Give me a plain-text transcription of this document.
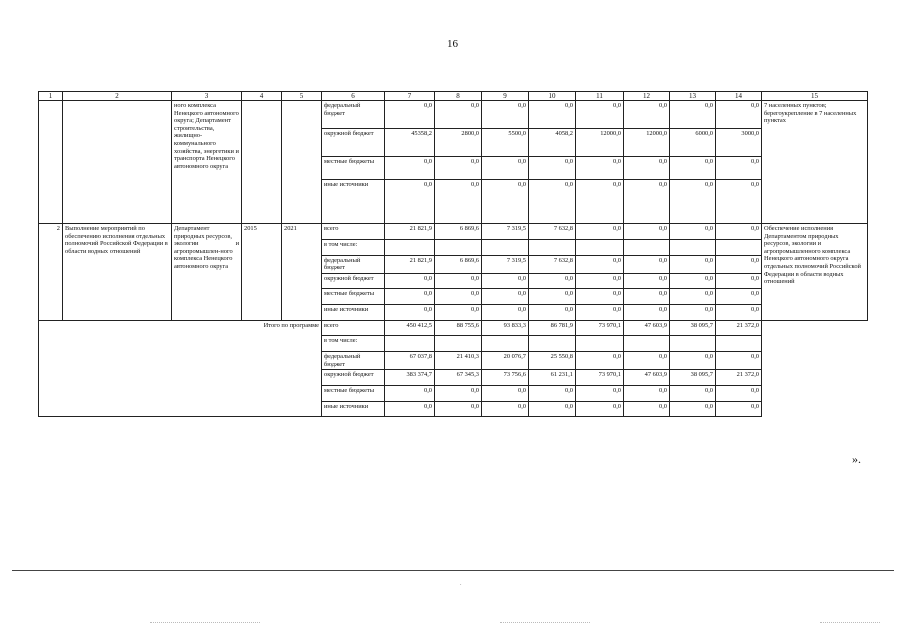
16
1	2	3	4	5	6	7	8	9	10	11	12	13	14	15
		ного комплекса Ненецкого автономного округа; Департамент строительства, жилищно-коммунального хозяйства, энергетики и транспорта Ненецкого автономного округа			федеральный бюджет	0,0	0,0	0,0	0,0	0,0	0,0	0,0	0,0	7 населенных пунктов; берегоукрепление в 7 населенных пунктах
					окружной бюджет	45358,2	2800,0	5500,0	4058,2	12000,0	12000,0	6000,0	3000,0	
					местные бюджеты	0,0	0,0	0,0	0,0	0,0	0,0	0,0	0,0	
					иные источники	0,0	0,0	0,0	0,0	0,0	0,0	0,0	0,0	
2	Выполнение мероприятий по обеспечению исполнения отдельных полномочий Российской Федерации в области водных отношений	Департамент природных ресурсов,
экологии и
агропромышлен-ного комплекса Ненецкого автономного округа	2015	2021	всего	21 821,9	6 869,6	7 319,5	7 632,8	0,0	0,0	0,0	0,0	Обеспечение исполнения Департаментом природных ресурсов, экологии и агропромышленного комплекса Ненецкого автономного округа отдельных полномочий Российской Федерации в области водных отношений
					в том числе:									
					федеральный бюджет	21 821,9	6 869,6	7 319,5	7 632,8	0,0	0,0	0,0	0,0	
					окружной бюджет	0,0	0,0	0,0	0,0	0,0	0,0	0,0	0,0	
					местные бюджеты	0,0	0,0	0,0	0,0	0,0	0,0	0,0	0,0	
					иные источники	0,0	0,0	0,0	0,0	0,0	0,0	0,0	0,0	
Итого по программе					всего	450 412,5	88 755,6	93 833,3	86 781,9	73 970,1	47 603,9	38 095,7	21 372,0	
					в том числе:									
					федеральный бюджет	67 037,8	21 410,3	20 076,7	25 550,8	0,0	0,0	0,0	0,0	
					окружной бюджет	383 374,7	67 345,3	73 756,6	61 231,1	73 970,1	47 603,9	38 095,7	21 372,0	
					местные бюджеты	0,0	0,0	0,0	0,0	0,0	0,0	0,0	0,0	
					иные источники	0,0	0,0	0,0	0,0	0,0	0,0	0,0	0,0	
».
.
